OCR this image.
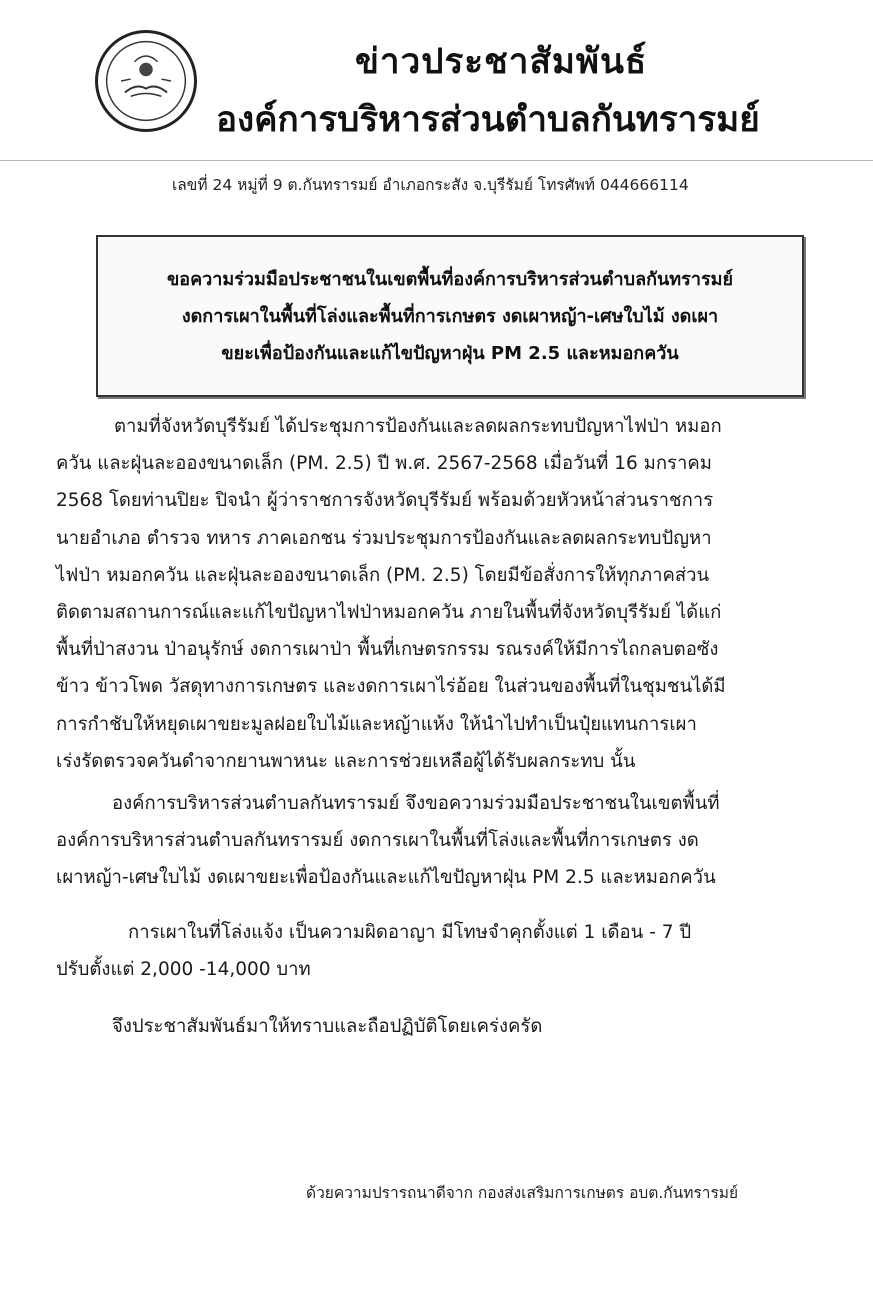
ข่าวประชาสัมพันธ์
องค์การบริหารส่วนตำบลกันทรารมย์
เลขที่ 24 หมู่ที่ 9 ต.กันทรารมย์ อำเภอกระสัง จ.บุรีรัมย์ โทรศัพท์ 044666114
ขอความร่วมมือประชาชนในเขตพื้นที่องค์การบริหารส่วนตำบลกันทรารมย์
งดการเผาในพื้นที่โล่งและพื้นที่การเกษตร งดเผาหญ้า-เศษใบไม้ งดเผา
ขยะเพื่อป้องกันและแก้ไขปัญหาฝุ่น PM 2.5 และหมอกควัน
ตามที่จังหวัดบุรีรัมย์ ได้ประชุมการป้องกันและลดผลกระทบปัญหาไฟป่า หมอก
ควัน และฝุ่นละอองขนาดเล็ก (PM. 2.5) ปี พ.ศ. 2567-2568 เมื่อวันที่ 16 มกราคม
2568 โดยท่านปิยะ ปิจนำ ผู้ว่าราชการจังหวัดบุรีรัมย์ พร้อมด้วยหัวหน้าส่วนราชการ
นายอำเภอ ตำรวจ ทหาร ภาคเอกชน ร่วมประชุมการป้องกันและลดผลกระทบปัญหา
ไฟป่า หมอกควัน และฝุ่นละอองขนาดเล็ก (PM. 2.5) โดยมีข้อสั่งการให้ทุกภาคส่วน
ติดตามสถานการณ์และแก้ไขปัญหาไฟป่าหมอกควัน ภายในพื้นที่จังหวัดบุรีรัมย์ ได้แก่
พื้นที่ป่าสงวน ป่าอนุรักษ์ งดการเผาป่า พื้นที่เกษตรกรรม รณรงค์ให้มีการไถกลบตอซัง
ข้าว ข้าวโพด วัสดุทางการเกษตร และงดการเผาไร่อ้อย ในส่วนของพื้นที่ในชุมชนได้มี
การกำชับให้หยุดเผาขยะมูลฝอยใบไม้และหญ้าแห้ง ให้นำไปทำเป็นปุ๋ยแทนการเผา
เร่งรัดตรวจควันดำจากยานพาหนะ และการช่วยเหลือผู้ได้รับผลกระทบ นั้น
องค์การบริหารส่วนตำบลกันทรารมย์ จึงขอความร่วมมือประชาชนในเขตพื้นที่
องค์การบริหารส่วนตำบลกันทรารมย์ งดการเผาในพื้นที่โล่งและพื้นที่การเกษตร งด
เผาหญ้า-เศษใบไม้ งดเผาขยะเพื่อป้องกันและแก้ไขปัญหาฝุ่น PM 2.5 และหมอกควัน
การเผาในที่โล่งแจ้ง เป็นความผิดอาญา มีโทษจำคุกตั้งแต่ 1 เดือน - 7 ปี
ปรับตั้งแต่ 2,000 -14,000 บาท
จึงประชาสัมพันธ์มาให้ทราบและถือปฏิบัติโดยเคร่งครัด
ด้วยความปรารถนาดีจาก กองส่งเสริมการเกษตร อบต.กันทรารมย์
